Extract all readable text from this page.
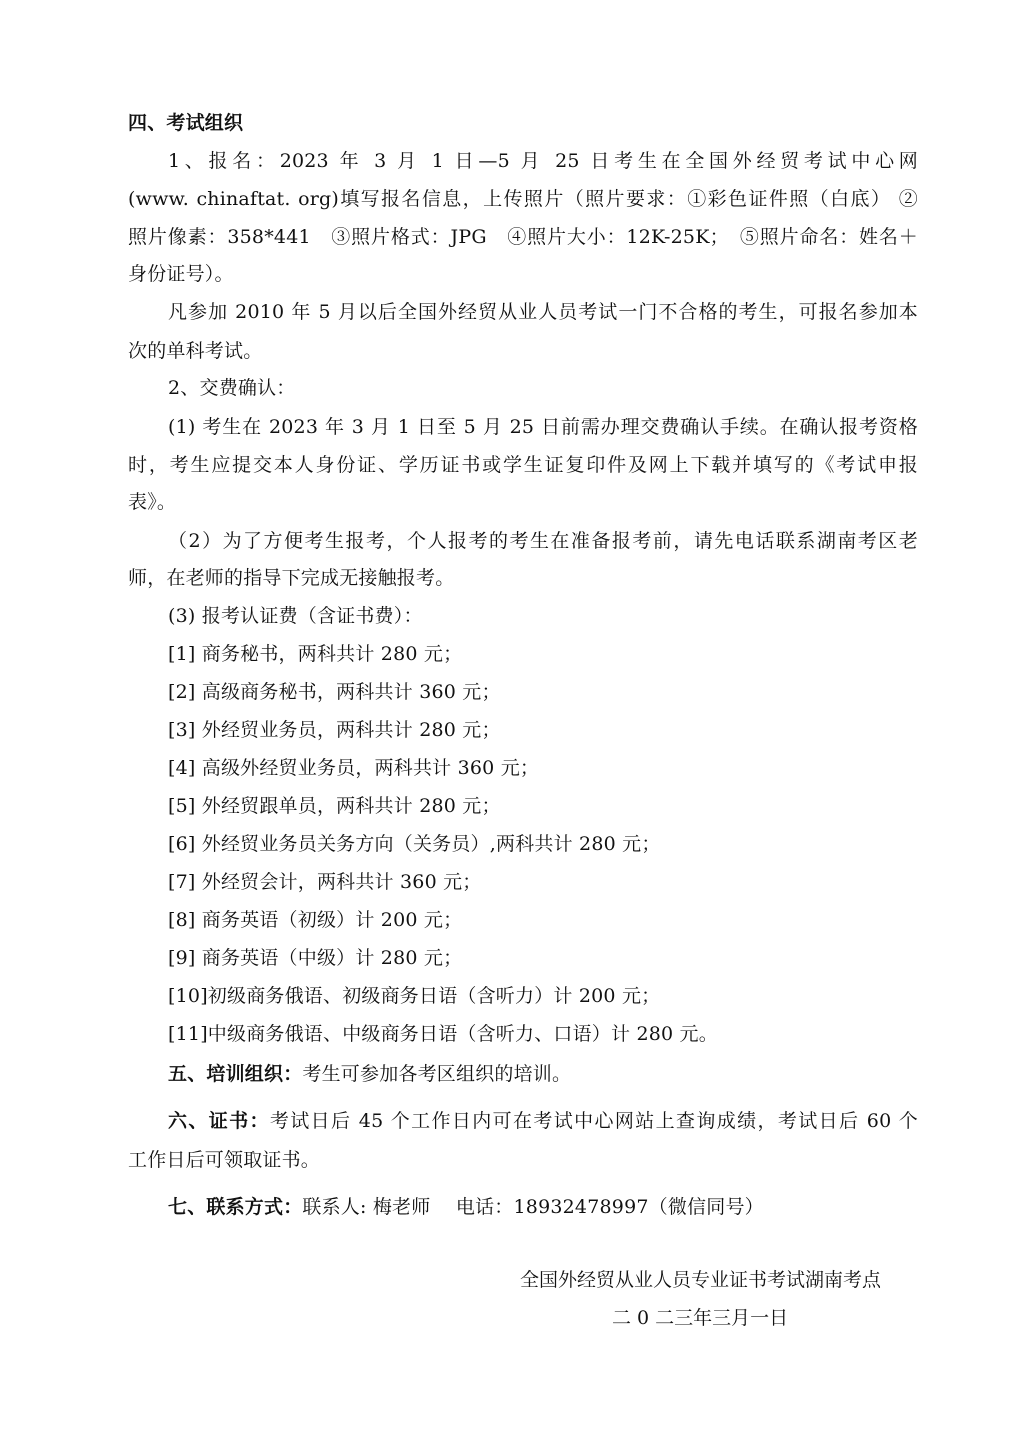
四、考试组织
1、报名：2023 年 3 月 1 日—5 月 25 日考生在全国外经贸考试中心网
(www. chinaftat. org)填写报名信息，上传照片（照片要求：①彩色证件照（白底） ②
照片像素：358*441　③照片格式：JPG　④照片大小：12K-25K；　⑤照片命名：姓名＋
身份证号）。
凡参加 2010 年 5 月以后全国外经贸从业人员考试一门不合格的考生，可报名参加本
次的单科考试。
2、交费确认：
(1) 考生在 2023 年 3 月 1 日至 5 月 25 日前需办理交费确认手续。在确认报考资格
时，考生应提交本人身份证、学历证书或学生证复印件及网上下载并填写的《考试申报
表》。
（2）为了方便考生报考，个人报考的考生在准备报考前，请先电话联系湖南考区老
师，在老师的指导下完成无接触报考。
(3) 报考认证费（含证书费）：
[1] 商务秘书，两科共计 280 元；
[2] 高级商务秘书，两科共计 360 元；
[3] 外经贸业务员，两科共计 280 元；
[4] 高级外经贸业务员，两科共计 360 元；
[5] 外经贸跟单员，两科共计 280 元；
[6] 外经贸业务员关务方向（关务员）,两科共计 280 元；
[7] 外经贸会计，两科共计 360 元；
[8] 商务英语（初级）计 200 元；
[9] 商务英语（中级）计 280 元；
[10]初级商务俄语、初级商务日语（含听力）计 200 元；
[11]中级商务俄语、中级商务日语（含听力、口语）计 280 元。
五、培训组织：考生可参加各考区组织的培训。
六、证书：考试日后 45 个工作日内可在考试中心网站上查询成绩，考试日后 60 个
工作日后可领取证书。
七、联系方式：联系人: 梅老师　 电话：18932478997（微信同号）
全国外经贸从业人员专业证书考试湖南考点
二 0 二三年三月一日
